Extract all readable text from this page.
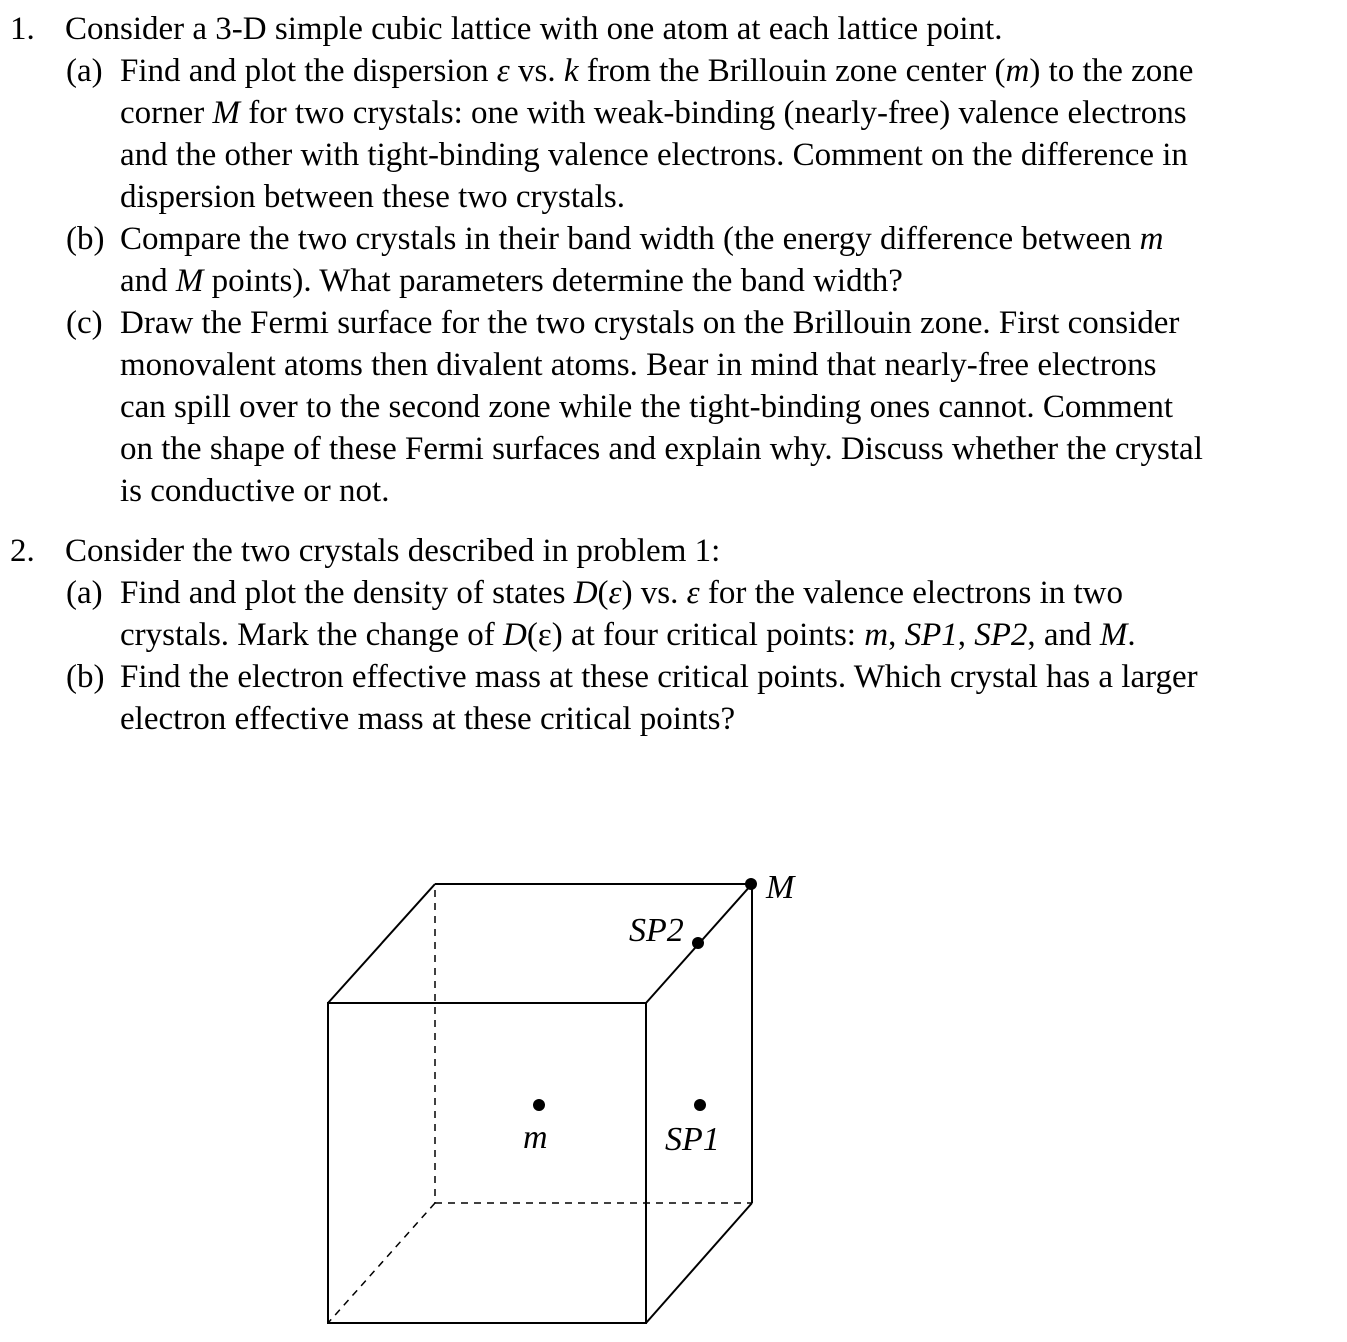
1. Consider a 3-D simple cubic lattice with one atom at each lattice point.
(a) Find and plot the dispersion ε vs. k from the Brillouin zone center (m) to the zone
corner M for two crystals: one with weak-binding (nearly-free) valence electrons
and the other with tight-binding valence electrons. Comment on the difference in
dispersion between these two crystals.
(b) Compare the two crystals in their band width (the energy difference between m
and M points). What parameters determine the band width?
(c) Draw the Fermi surface for the two crystals on the Brillouin zone. First consider
monovalent atoms then divalent atoms. Bear in mind that nearly-free electrons
can spill over to the second zone while the tight-binding ones cannot. Comment
on the shape of these Fermi surfaces and explain why. Discuss whether the crystal
is conductive or not.
2. Consider the two crystals described in problem 1:
(a) Find and plot the density of states D(ε) vs. ε for the valence electrons in two
crystals. Mark the change of D(ε) at four critical points: m, SP1, SP2, and M.
(b) Find the electron effective mass at these critical points. Which crystal has a larger
electron effective mass at these critical points?
M
SP2
m	SP1
